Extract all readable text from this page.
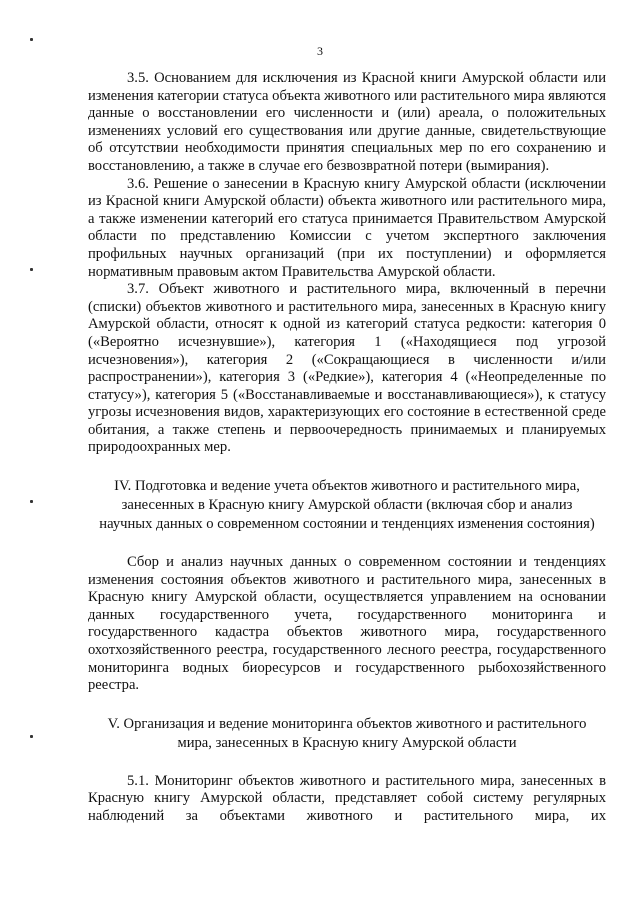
3

3.5. Основанием для исключения из Красной книги Амурской области или изменения категории статуса объекта животного или растительного мира являются данные о восстановлении его численности и (или) ареала, о положительных изменениях условий его существования или другие данные, свидетельствующие об отсутствии необходимости принятия специальных мер по его сохранению и восстановлению, а также в случае его безвозвратной потери (вымирания).

3.6. Решение о занесении в Красную книгу Амурской области (исключении из Красной книги Амурской области) объекта животного или растительного мира, а также изменении категорий его статуса принимается Правительством Амурской области по представлению Комиссии с учетом экспертного заключения профильных научных организаций (при их поступлении) и оформляется нормативным правовым актом Правительства Амурской области.

3.7. Объект животного и растительного мира, включенный в перечни (списки) объектов животного и растительного мира, занесенных в Красную книгу Амурской области, относят к одной из категорий статуса редкости: категория 0 («Вероятно исчезнувшие»), категория 1 («Находящиеся под угрозой исчезновения»), категория 2 («Сокращающиеся в численности и/или распространении»), категория 3 («Редкие»), категория 4 («Неопределенные по статусу»), категория 5 («Восстанавливаемые и восстанавливающиеся»), к статусу угрозы исчезновения видов, характеризующих его состояние в естественной среде обитания, а также степень и первоочередность принимаемых и планируемых природоохранных мер.

IV. Подготовка и ведение учета объектов животного и растительного мира,

занесенных в Красную книгу Амурской области (включая сбор и анализ

научных данных о современном состоянии и тенденциях изменения состояния)

Сбор и анализ научных данных о современном состоянии и тенденциях изменения состояния объектов животного и растительного мира, занесенных в Красную книгу Амурской области, осуществляется управлением на основании данных государственного учета, государственного мониторинга и государственного кадастра объектов животного мира, государственного охотхозяйственного реестра, государственного лесного реестра, государственного мониторинга водных биоресурсов и государственного рыбохозяйственного реестра.

V. Организация и ведение мониторинга объектов животного и растительного

мира, занесенных в Красную книгу Амурской области

5.1. Мониторинг объектов животного и растительного мира, занесенных в Красную книгу Амурской области, представляет собой систему регулярных наблюдений за объектами животного и растительного мира, их
